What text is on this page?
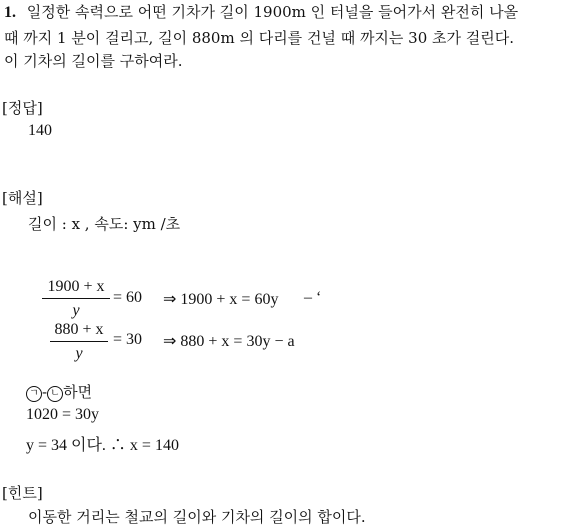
1. 일정한 속력으로 어떤 기차가 길이 1900m 인 터널을 들어가서 완전히 나올
때 까지 1 분이 걸리고, 길이 880m 의 다리를 건널 때 까지는 30 초가 걸린다.
이 기차의 길이를 구하여라.
[정답]
140
[해설]
길이 : x , 속도: ym /초
1900 + x
y
= 60 ⇒ 1900 + x = 60y – ‘
880 + x
y
= 30 ⇒ 880 + x = 30y − a
ㄱ - ㄴ 하면
1020 = 30y
y = 34 이다. ∴ x = 140
[힌트]
이동한 거리는 철교의 길이와 기차의 길이의 합이다.
